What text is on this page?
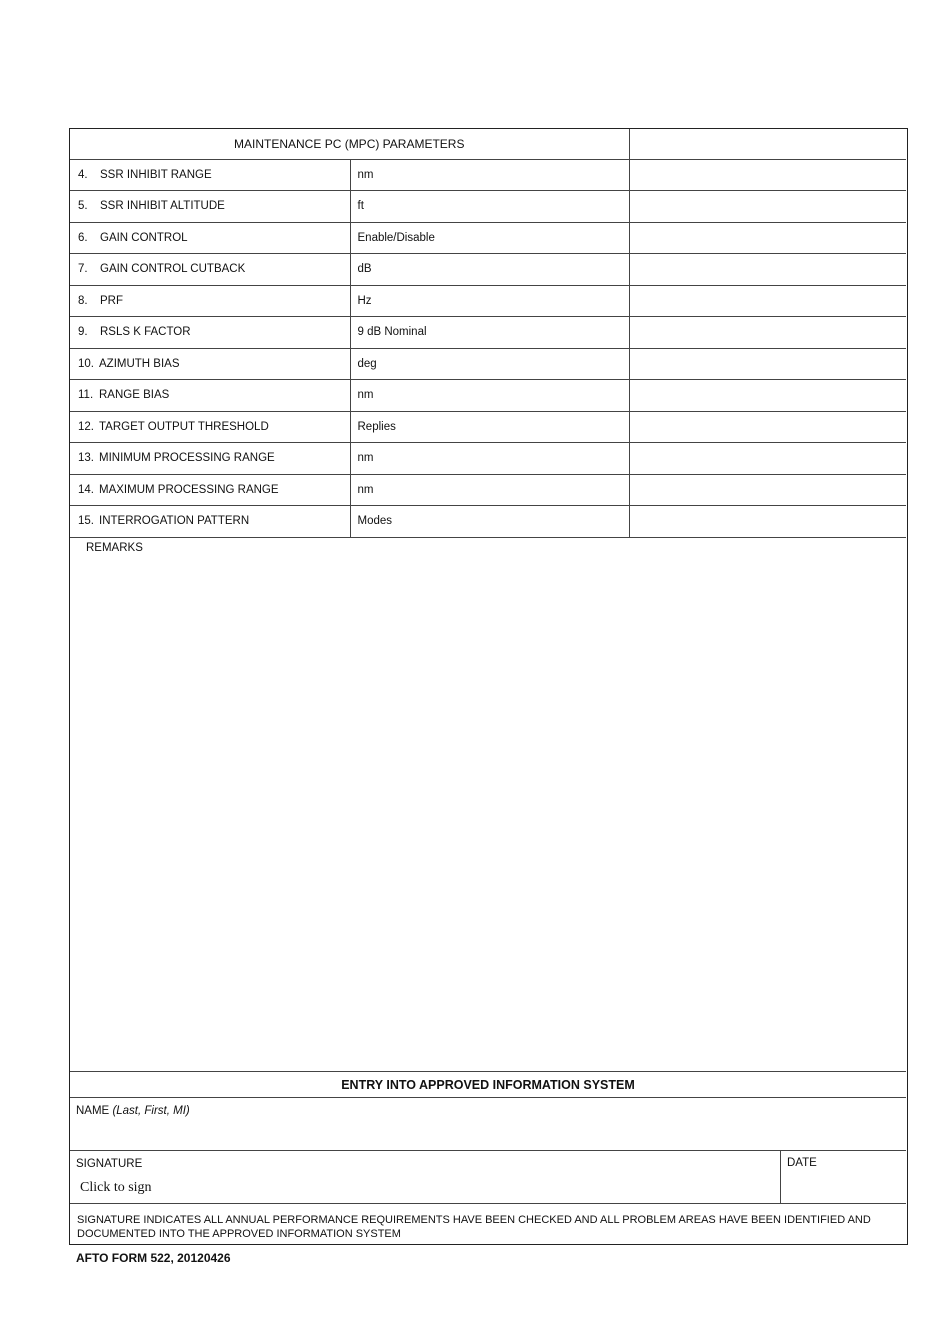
MAINTENANCE PC (MPC) PARAMETERS		
4. SSR INHIBIT RANGE	nm	
5. SSR INHIBIT ALTITUDE	ft	
6. GAIN CONTROL	Enable/Disable	
7. GAIN CONTROL CUTBACK	dB	
8. PRF	Hz	
9. RSLS K FACTOR	9 dB Nominal	
10. AZIMUTH BIAS	deg	
11. RANGE BIAS	nm	
12. TARGET OUTPUT THRESHOLD	Replies	
13. MINIMUM PROCESSING RANGE	nm	
14. MAXIMUM PROCESSING RANGE	nm	
15. INTERROGATION PATTERN	Modes	
REMARKS
ENTRY INTO APPROVED INFORMATION SYSTEM
NAME (Last, First, MI)
SIGNATURE
Click to sign
DATE
SIGNATURE INDICATES ALL ANNUAL PERFORMANCE REQUIREMENTS HAVE BEEN CHECKED AND ALL PROBLEM AREAS HAVE BEEN IDENTIFIED AND DOCUMENTED INTO THE APPROVED INFORMATION SYSTEM
AFTO FORM 522, 20120426
